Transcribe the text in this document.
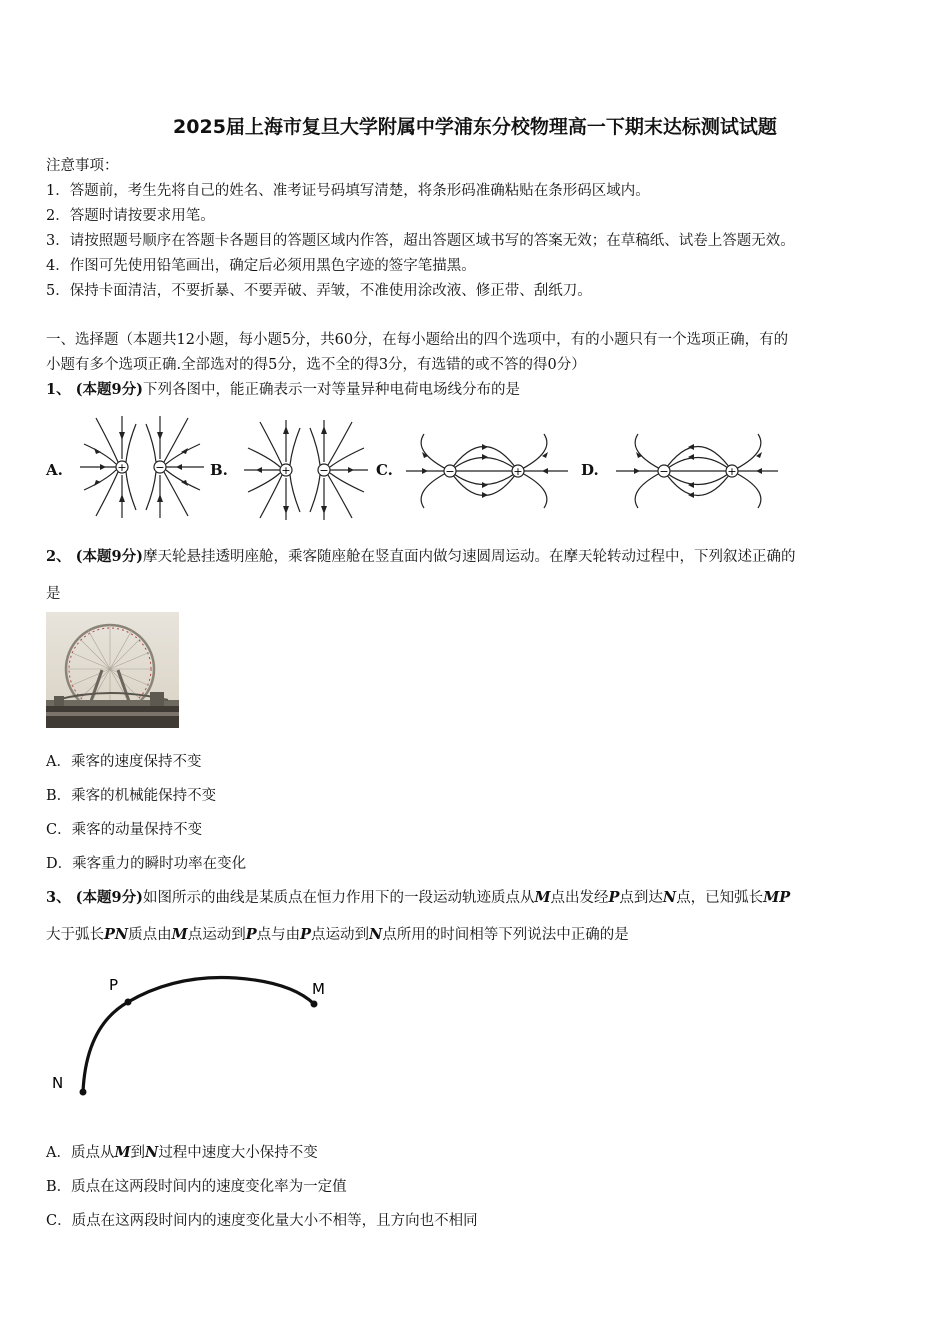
2025届上海市复旦大学附属中学浦东分校物理高一下期末达标测试试题
注意事项：
1．答题前，考生先将自己的姓名、准考证号码填写清楚，将条形码准确粘贴在条形码区域内。
2．答题时请按要求用笔。
3．请按照题号顺序在答题卡各题目的答题区域内作答，超出答题区域书写的答案无效；在草稿纸、试卷上答题无效。
4．作图可先使用铅笔画出，确定后必须用黑色字迹的签字笔描黑。
5．保持卡面清洁，不要折暴、不要弄破、弄皱，不准使用涂改液、修正带、刮纸刀。
一、选择题（本题共12小题，每小题5分，共60分，在每小题给出的四个选项中，有的小题只有一个选项正确，有的
小题有多个选项正确.全部选对的得5分，选不全的得3分，有选错的或不答的得0分）
1、 (本题9分)下列各图中，能正确表示一对等量异种电荷电场线分布的是
A.	B.	C.	D.
+	−	+	−	−	+	−	+
2、 (本题9分)摩天轮悬挂透明座舱，乘客随座舱在竖直面内做匀速圆周运动。在摩天轮转动过程中，下列叙述正确的
是
A．乘客的速度保持不变
B．乘客的机械能保持不变
C．乘客的动量保持不变
D．乘客重力的瞬时功率在变化
3、 (本题9分)如图所示的曲线是某质点在恒力作用下的一段运动轨迹质点从M点出发经P点到达N点，已知弧长MP
大于弧长PN质点由M点运动到P点与由P点运动到N点所用的时间相等下列说法中正确的是
P	M
N
A．质点从M到N过程中速度大小保持不变
B．质点在这两段时间内的速度变化率为一定值
C．质点在这两段时间内的速度变化量大小不相等，且方向也不相同
